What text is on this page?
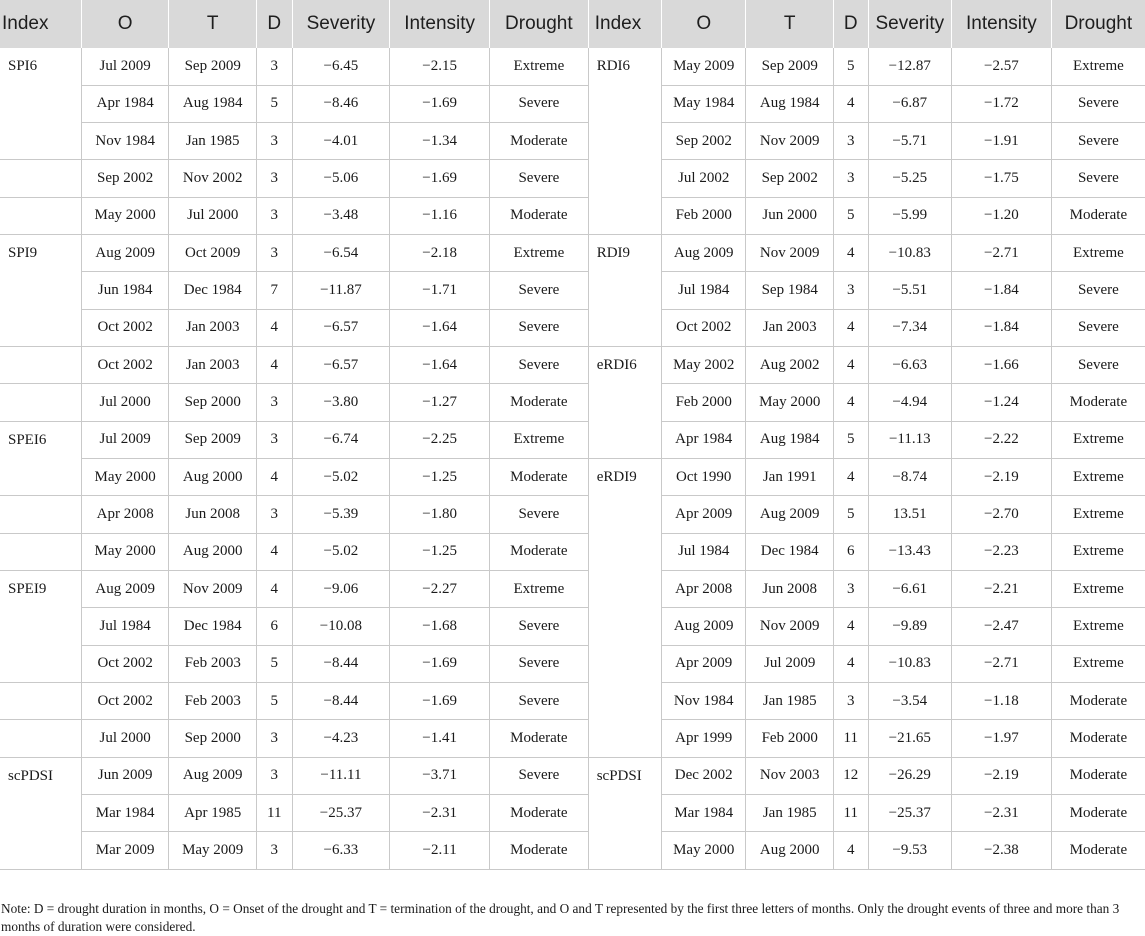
Index	O	T	D	Severity	Intensity	Drought	Index	O	T	D	Severity	Intensity	Drought
SPI6	Jul 2009	Sep 2009	3	−6.45	−2.15	Extreme	RDI6	May 2009	Sep 2009	5	−12.87	−2.57	Extreme
	Apr 1984	Aug 1984	5	−8.46	−1.69	Severe		May 1984	Aug 1984	4	−6.87	−1.72	Severe
	Nov 1984	Jan 1985	3	−4.01	−1.34	Moderate		Sep 2002	Nov 2009	3	−5.71	−1.91	Severe
	Sep 2002	Nov 2002	3	−5.06	−1.69	Severe		Jul 2002	Sep 2002	3	−5.25	−1.75	Severe
	May 2000	Jul 2000	3	−3.48	−1.16	Moderate		Feb 2000	Jun 2000	5	−5.99	−1.20	Moderate
SPI9	Aug 2009	Oct 2009	3	−6.54	−2.18	Extreme	RDI9	Aug 2009	Nov 2009	4	−10.83	−2.71	Extreme
	Jun 1984	Dec 1984	7	−11.87	−1.71	Severe		Jul 1984	Sep 1984	3	−5.51	−1.84	Severe
	Oct 2002	Jan 2003	4	−6.57	−1.64	Severe		Oct 2002	Jan 2003	4	−7.34	−1.84	Severe
	Oct 2002	Jan 2003	4	−6.57	−1.64	Severe	eRDI6	May 2002	Aug 2002	4	−6.63	−1.66	Severe
	Jul 2000	Sep 2000	3	−3.80	−1.27	Moderate		Feb 2000	May 2000	4	−4.94	−1.24	Moderate
SPEI6	Jul 2009	Sep 2009	3	−6.74	−2.25	Extreme		Apr 1984	Aug 1984	5	−11.13	−2.22	Extreme
	May 2000	Aug 2000	4	−5.02	−1.25	Moderate	eRDI9	Oct 1990	Jan 1991	4	−8.74	−2.19	Extreme
	Apr 2008	Jun 2008	3	−5.39	−1.80	Severe		Apr 2009	Aug 2009	5	13.51	−2.70	Extreme
	May 2000	Aug 2000	4	−5.02	−1.25	Moderate		Jul 1984	Dec 1984	6	−13.43	−2.23	Extreme
SPEI9	Aug 2009	Nov 2009	4	−9.06	−2.27	Extreme		Apr 2008	Jun 2008	3	−6.61	−2.21	Extreme
	Jul 1984	Dec 1984	6	−10.08	−1.68	Severe		Aug 2009	Nov 2009	4	−9.89	−2.47	Extreme
	Oct 2002	Feb 2003	5	−8.44	−1.69	Severe		Apr 2009	Jul 2009	4	−10.83	−2.71	Extreme
	Oct 2002	Feb 2003	5	−8.44	−1.69	Severe		Nov 1984	Jan 1985	3	−3.54	−1.18	Moderate
	Jul 2000	Sep 2000	3	−4.23	−1.41	Moderate		Apr 1999	Feb 2000	11	−21.65	−1.97	Moderate
scPDSI	Jun 2009	Aug 2009	3	−11.11	−3.71	Severe	scPDSI	Dec 2002	Nov 2003	12	−26.29	−2.19	Moderate
	Mar 1984	Apr 1985	11	−25.37	−2.31	Moderate		Mar 1984	Jan 1985	11	−25.37	−2.31	Moderate
	Mar 2009	May 2009	3	−6.33	−2.11	Moderate		May 2000	Aug 2000	4	−9.53	−2.38	Moderate
Note: D = drought duration in months, O = Onset of the drought and T = termination of the drought, and O and T represented by the first three letters of months. Only the drought events of three and more than 3 months of duration were considered.
